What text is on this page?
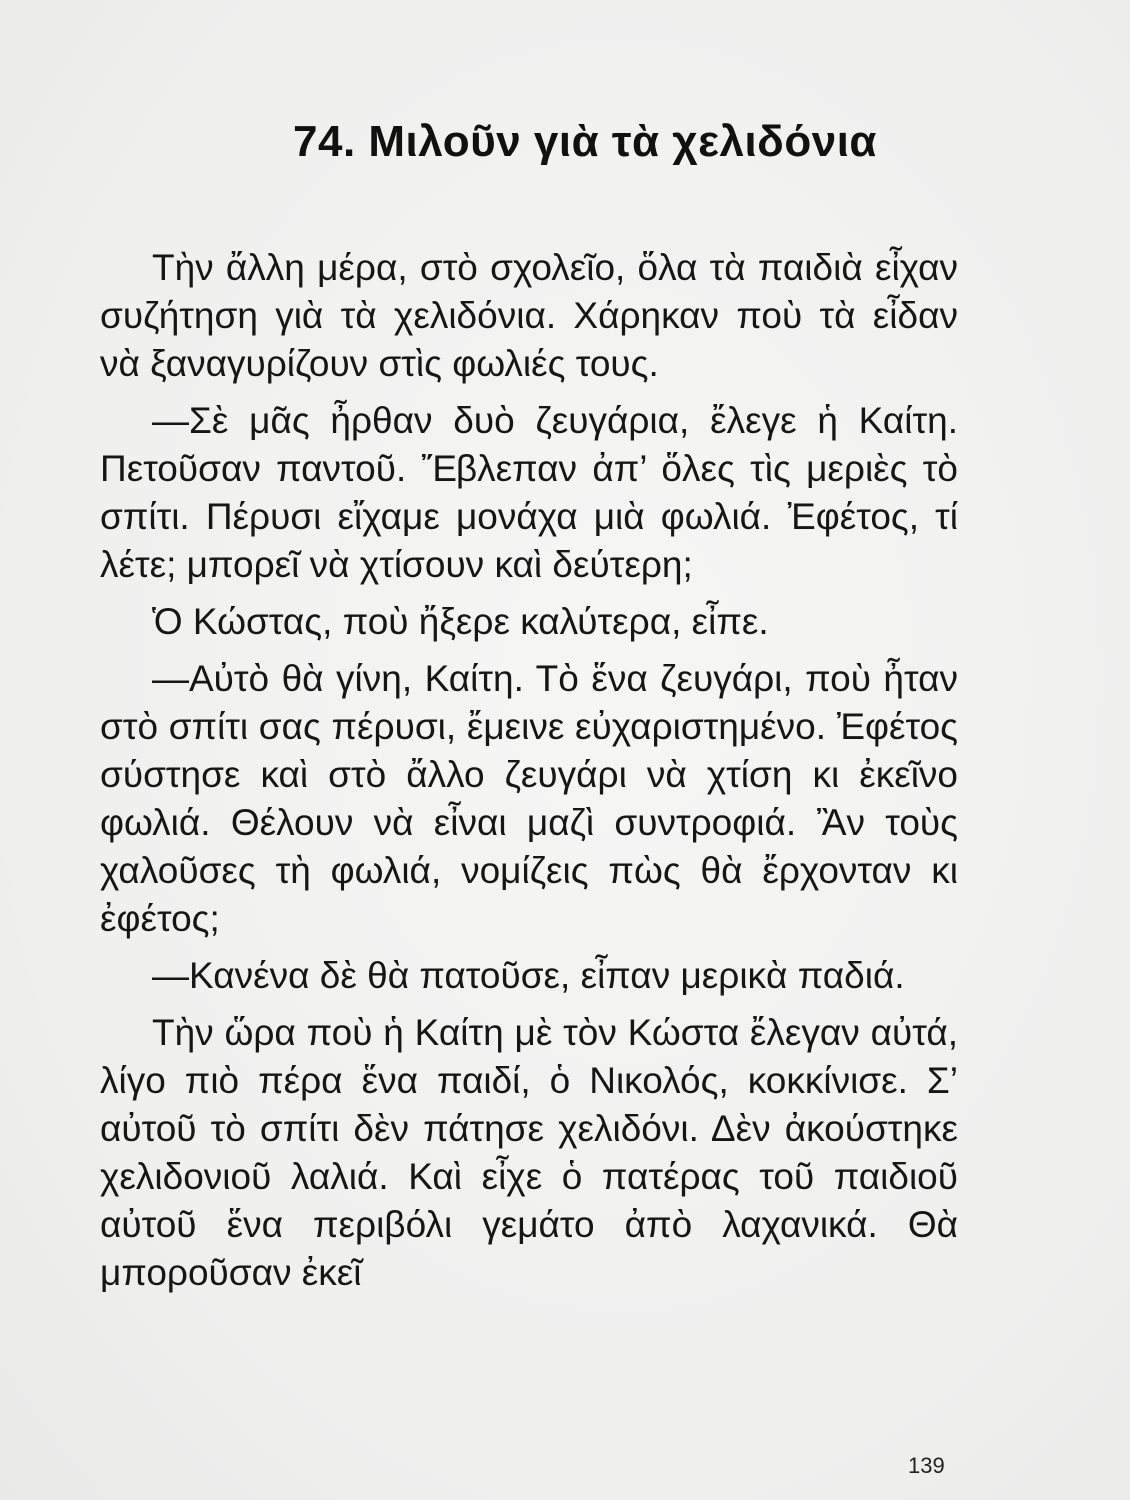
74. Μιλοῦν γιὰ τὰ χελιδόνια

Τὴν ἄλλη μέρα, στὸ σχολεῖο, ὅλα τὰ παιδιὰ εἶχαν συζήτηση γιὰ τὰ χελιδόνια. Χάρηκαν ποὺ τὰ εἶδαν νὰ ξαναγυρίζουν στὶς φωλιές τους.

—Σὲ μᾶς ἦρθαν δυὸ ζευγάρια, ἔλεγε ἡ Καίτη. Πετοῦσαν παντοῦ. Ἔβλεπαν ἀπ’ ὅλες τὶς μεριὲς τὸ σπίτι. Πέρυσι εἴχαμε μονάχα μιὰ φωλιά. Ἐφέτος, τί λέτε; μπορεῖ νὰ χτίσουν καὶ δεύτερη;

Ὁ Κώστας, ποὺ ἤξερε καλύτερα, εἶπε.

—Αὐτὸ θὰ γίνη, Καίτη. Τὸ ἕνα ζευγάρι, ποὺ ἦταν στὸ σπίτι σας πέρυσι, ἔμεινε εὐχαριστημένο. Ἐφέτος σύστησε καὶ στὸ ἄλλο ζευγάρι νὰ χτίση κι ἐκεῖνο φωλιά. Θέλουν νὰ εἶναι μαζὶ συντροφιά. Ἂν τοὺς χαλοῦσες τὴ φωλιά, νομίζεις πὼς θὰ ἔρχονταν κι ἐφέτος;

—Κανένα δὲ θὰ πατοῦσε, εἶπαν μερικὰ παδιά.

Τὴν ὥρα ποὺ ἡ Καίτη μὲ τὸν Κώστα ἔλεγαν αὐτά, λίγο πιὸ πέρα ἕνα παιδί, ὁ Νικολός, κοκκίνισε. Σ’ αὐτοῦ τὸ σπίτι δὲν πάτησε χελιδόνι. Δὲν ἀκούστηκε χελιδονιοῦ λαλιά. Καὶ εἶχε ὁ πατέρας τοῦ παιδιοῦ αὐτοῦ ἕνα περιβόλι γεμάτο ἀπὸ λαχανικά. Θὰ μποροῦσαν ἐκεῖ

139
